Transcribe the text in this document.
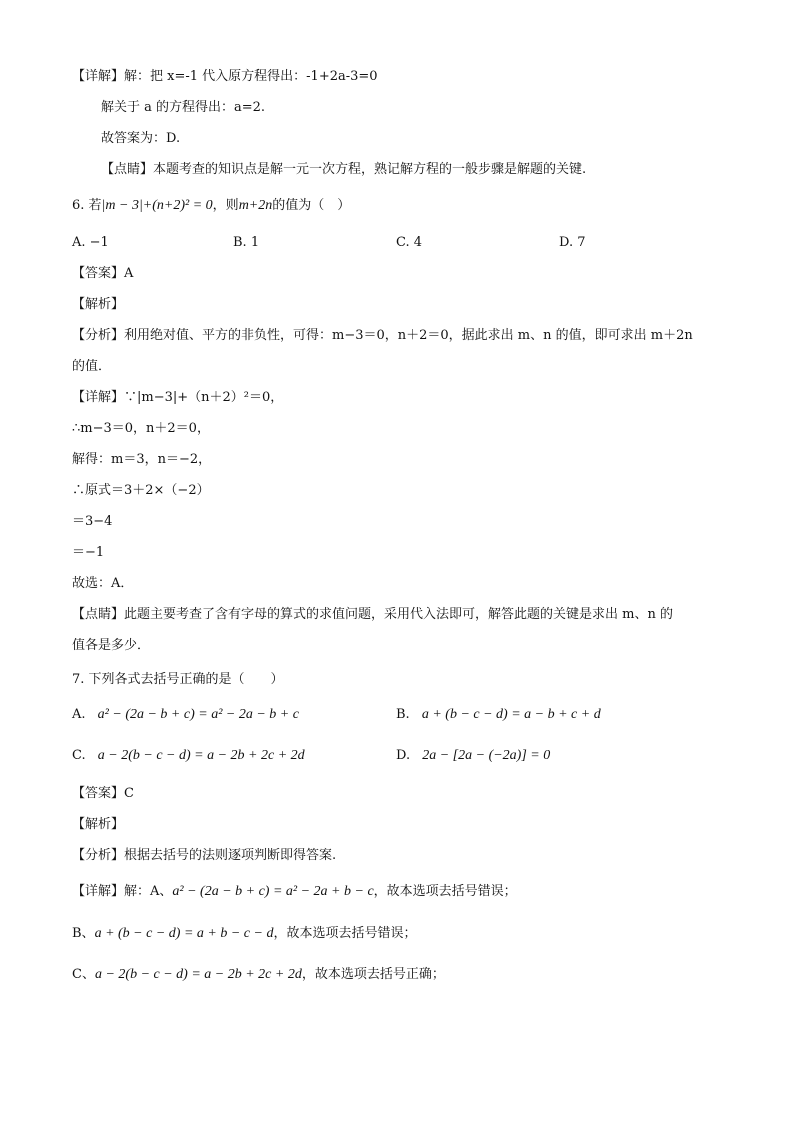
【详解】解：把 x=-1 代入原方程得出：-1+2a-3=0
解关于 a 的方程得出：a=2.
故答案为：D.
【点睛】本题考查的知识点是解一元一次方程，熟记解方程的一般步骤是解题的关键.
6. 若|m − 3|+(n+2)² = 0，则m+2n的值为（　）
A. −1	B. 1	C. 4	D. 7
【答案】A
【解析】
【分析】利用绝对值、平方的非负性，可得：m−3＝0，n＋2＝0，据此求出 m、n 的值，即可求出 m＋2n
的值．
【详解】∵|m−3|+（n＋2）²＝0，
∴m−3＝0，n＋2＝0，
解得：m＝3，n＝−2，
∴原式＝3＋2×（−2）
＝3−4
＝−1
故选：A．
【点睛】此题主要考查了含有字母的算式的求值问题，采用代入法即可，解答此题的关键是求出 m、n 的
值各是多少．
7. 下列各式去括号正确的是（　　）
A. a² − (2a − b + c) = a² − 2a − b + c	B. a + (b − c − d) = a − b + c + d
C. a − 2(b − c − d) = a − 2b + 2c + 2d	D. 2a − [2a − (−2a)] = 0
【答案】C
【解析】
【分析】根据去括号的法则逐项判断即得答案.
【详解】解：A、a² − (2a − b + c) = a² − 2a + b − c，故本选项去括号错误；
B、a + (b − c − d) = a + b − c − d，故本选项去括号错误；
C、a − 2(b − c − d) = a − 2b + 2c + 2d，故本选项去括号正确；
